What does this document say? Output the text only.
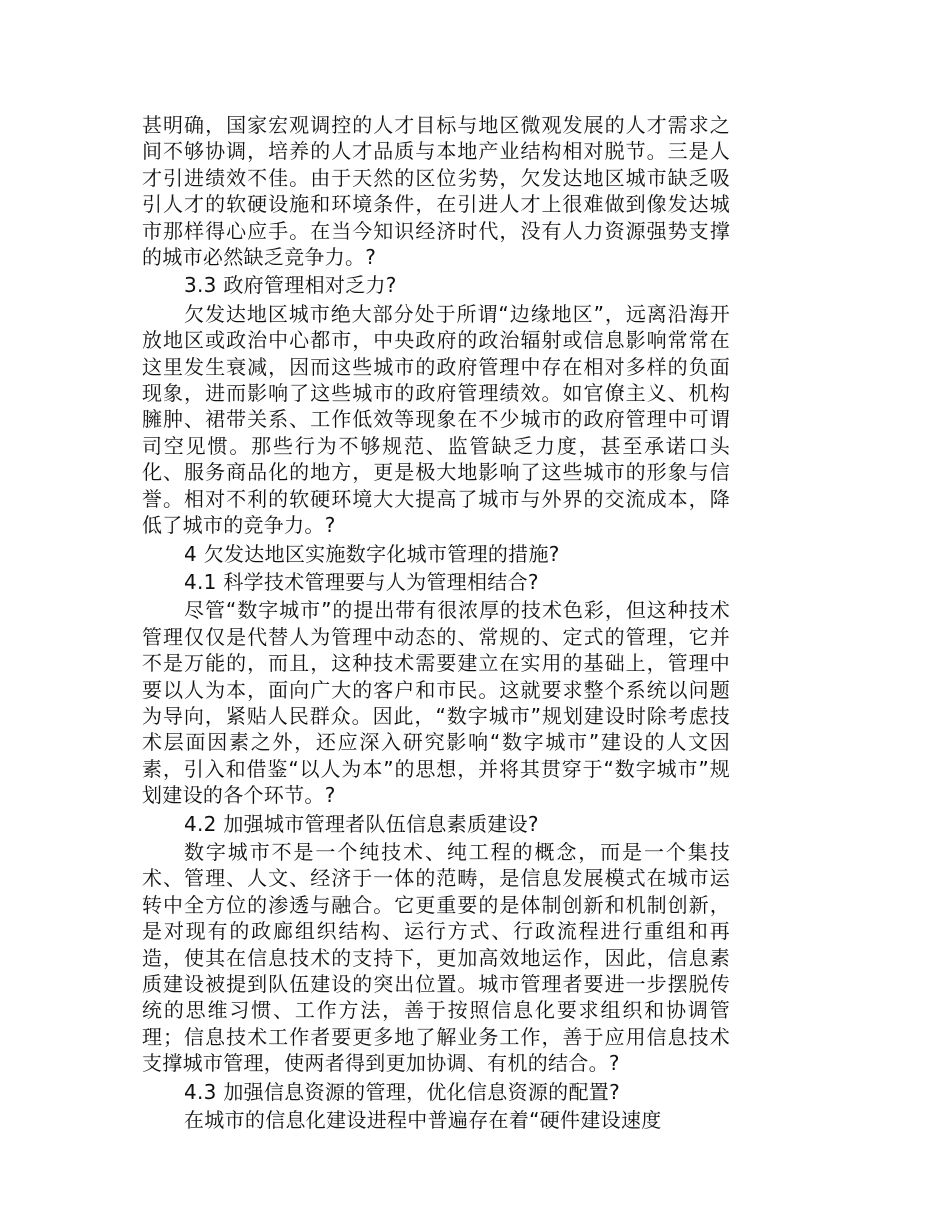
甚明确，国家宏观调控的人才目标与地区微观发展的人才需求之间不够协调，培养的人才品质与本地产业结构相对脱节。三是人才引进绩效不佳。由于天然的区位劣势，欠发达地区城市缺乏吸引人才的软硬设施和环境条件，在引进人才上很难做到像发达城市那样得心应手。在当今知识经济时代，没有人力资源强势支撑的城市必然缺乏竞争力。?

3.3 政府管理相对乏力?

欠发达地区城市绝大部分处于所谓“边缘地区”，远离沿海开放地区或政治中心都市，中央政府的政治辐射或信息影响常常在这里发生衰减，因而这些城市的政府管理中存在相对多样的负面现象，进而影响了这些城市的政府管理绩效。如官僚主义、机构臃肿、裙带关系、工作低效等现象在不少城市的政府管理中可谓司空见惯。那些行为不够规范、监管缺乏力度，甚至承诺口头化、服务商品化的地方，更是极大地影响了这些城市的形象与信誉。相对不利的软硬环境大大提高了城市与外界的交流成本，降低了城市的竞争力。?

4 欠发达地区实施数字化城市管理的措施?

4.1 科学技术管理要与人为管理相结合?

尽管“数字城市”的提出带有很浓厚的技术色彩，但这种技术管理仅仅是代替人为管理中动态的、常规的、定式的管理，它并不是万能的，而且，这种技术需要建立在实用的基础上，管理中要以人为本，面向广大的客户和市民。这就要求整个系统以问题为导向，紧贴人民群众。因此，“数字城市”规划建设时除考虑技术层面因素之外，还应深入研究影响“数字城市”建设的人文因素，引入和借鉴“以人为本”的思想，并将其贯穿于“数字城市”规划建设的各个环节。?

4.2 加强城市管理者队伍信息素质建设?

数字城市不是一个纯技术、纯工程的概念，而是一个集技术、管理、人文、经济于一体的范畴，是信息发展模式在城市运转中全方位的渗透与融合。它更重要的是体制创新和机制创新，是对现有的政廊组织结构、运行方式、行政流程进行重组和再造，使其在信息技术的支持下，更加高效地运作，因此，信息素质建设被提到队伍建设的突出位置。城市管理者要进一步摆脱传统的思维习惯、工作方法，善于按照信息化要求组织和协调管理；信息技术工作者要更多地了解业务工作，善于应用信息技术支撑城市管理，使两者得到更加协调、有机的结合。?

4.3 加强信息资源的管理，优化信息资源的配置?

在城市的信息化建设进程中普遍存在着“硬件建设速度
